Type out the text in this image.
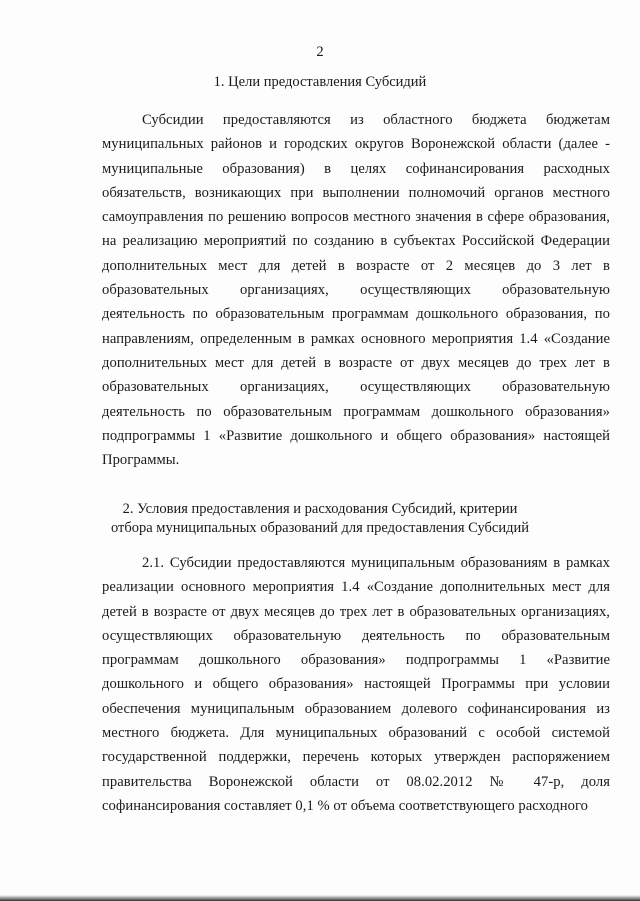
2
1. Цели предоставления Субсидий

Субсидии предоставляются из областного бюджета бюджетам муниципальных районов и городских округов Воронежской области (далее - муниципальные образования) в целях софинансирования расходных обязательств, возникающих при выполнении полномочий органов местного самоуправления по решению вопросов местного значения в сфере образования, на реализацию мероприятий по созданию в субъектах Российской Федерации дополнительных мест для детей в возрасте от 2 месяцев до 3 лет в образовательных организациях, осуществляющих образовательную деятельность по образовательным программам дошкольного образования, по направлениям, определенным в рамках основного мероприятия 1.4 «Создание дополнительных мест для детей в возрасте от двух месяцев до трех лет в образовательных организациях, осуществляющих образовательную деятельность по образовательным программам дошкольного образования» подпрограммы 1 «Развитие дошкольного и общего образования» настоящей Программы.

2. Условия предоставления и расходования Субсидий, критерии
отбора муниципальных образований для предоставления Субсидий

2.1. Субсидии предоставляются муниципальным образованиям в рамках реализации основного мероприятия 1.4 «Создание дополнительных мест для детей в возрасте от двух месяцев до трех лет в образовательных организациях, осуществляющих образовательную деятельность по образовательным программам дошкольного образования» подпрограммы 1 «Развитие дошкольного и общего образования» настоящей Программы при условии обеспечения муниципальным образованием долевого софинансирования из местного бюджета. Для муниципальных образований с особой системой государственной поддержки, перечень которых утвержден распоряжением правительства Воронежской области от 08.02.2012 № 47-р, доля софинансирования составляет 0,1 % от объема соответствующего расходного
